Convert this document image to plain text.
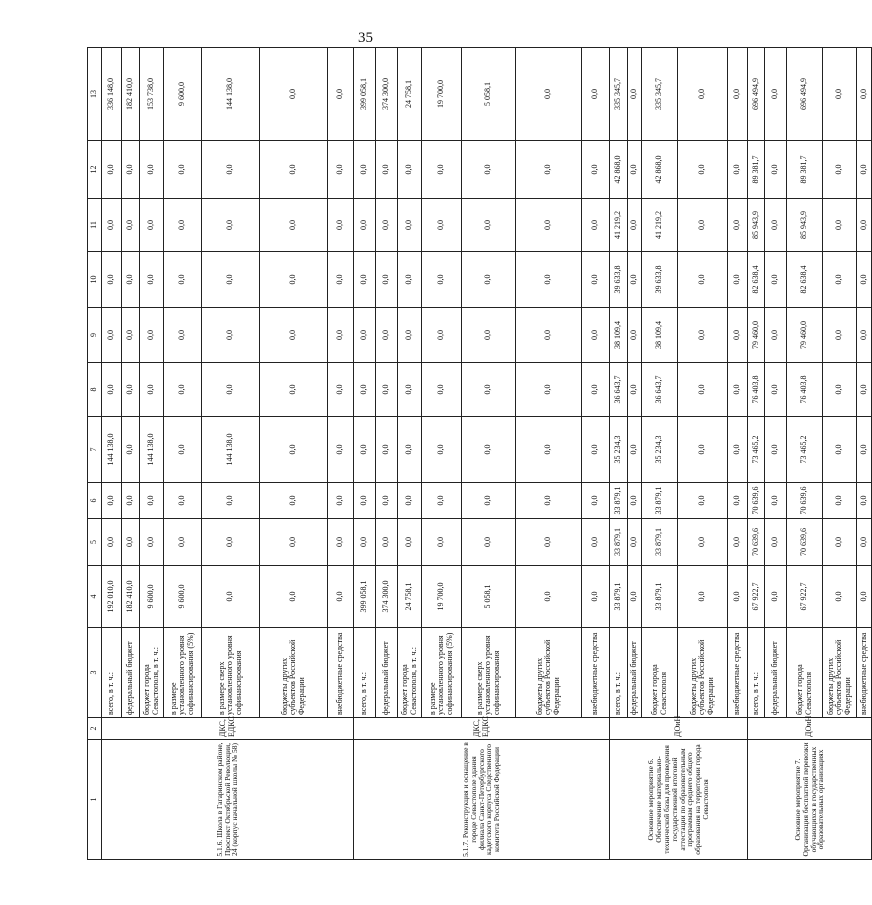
35
1	2	3	4	5	6	7	8	9	10	11	12	13
5.1.6. Школа в Гагаринском районе, Проспект Октябрьской Революции, 24 (корпус начальной школы № 58)	ДКС, ЕДКС	всего, в т. ч.:	192 010,0	0,0	0,0	144 138,0	0,0	0,0	0,0	0,0	0,0	336 148,0
		федеральный бюджет	182 410,0	0,0	0,0	0,0	0,0	0,0	0,0	0,0	0,0	182 410,0
		бюджет города Севастополя, в т. ч.:	9 600,0	0,0	0,0	144 138,0	0,0	0,0	0,0	0,0	0,0	153 738,0
		в размере установленного уровня софинансирования (5%)	9 600,0	0,0	0,0	0,0	0,0	0,0	0,0	0,0	0,0	9 600,0
		в размере сверх установленного уровня софинансирования	0,0	0,0	0,0	144 138,0	0,0	0,0	0,0	0,0	0,0	144 138,0
		бюджеты других субъектов Российской Федерации	0,0	0,0	0,0	0,0	0,0	0,0	0,0	0,0	0,0	0,0
		внебюджетные средства	0,0	0,0	0,0	0,0	0,0	0,0	0,0	0,0	0,0	0,0
5.1.7. Реконструкция и оснащение в городе Севастополе здания филиала Санкт-Петербургского кадетского корпуса Следственного комитета Российской Федерации	ДКС, ЕДКС	всего, в т. ч.:	399 058,1	0,0	0,0	0,0	0,0	0,0	0,0	0,0	0,0	399 058,1
		федеральный бюджет	374 300,0	0,0	0,0	0,0	0,0	0,0	0,0	0,0	0,0	374 300,0
		бюджет города Севастополя, в т. ч.:	24 758,1	0,0	0,0	0,0	0,0	0,0	0,0	0,0	0,0	24 758,1
		в размере установленного уровня софинансирования (5%)	19 700,0	0,0	0,0	0,0	0,0	0,0	0,0	0,0	0,0	19 700,0
		в размере сверх установленного уровня софинансирования	5 058,1	0,0	0,0	0,0	0,0	0,0	0,0	0,0	0,0	5 058,1
		бюджеты других субъектов Российской Федерации	0,0	0,0	0,0	0,0	0,0	0,0	0,0	0,0	0,0	0,0
		внебюджетные средства	0,0	0,0	0,0	0,0	0,0	0,0	0,0	0,0	0,0	0,0
Основное мероприятие 6. Обеспечение материально-технической базы для проведения государственной итоговой аттестации по образовательным программам среднего общего образования на территории города Севастополя	ДОиН	всего, в т. ч.:	33 879,1	33 879,1	33 879,1	35 234,3	36 643,7	38 109,4	39 633,8	41 219,2	42 868,0	335 345,7
		федеральный бюджет	0,0	0,0	0,0	0,0	0,0	0,0	0,0	0,0	0,0	0,0
		бюджет города Севастополя	33 879,1	33 879,1	33 879,1	35 234,3	36 643,7	38 109,4	39 633,8	41 219,2	42 868,0	335 345,7
		бюджеты других субъектов Российской Федерации	0,0	0,0	0,0	0,0	0,0	0,0	0,0	0,0	0,0	0,0
		внебюджетные средства	0,0	0,0	0,0	0,0	0,0	0,0	0,0	0,0	0,0	0,0
Основное мероприятие 7. Организация бесплатной перевозки обучающихся в государственных образовательных организациях	ДОиН	всего, в т. ч.:	67 922,7	70 639,6	70 639,6	73 465,2	76 403,8	79 460,0	82 638,4	85 943,9	89 381,7	696 494,9
		федеральный бюджет	0,0	0,0	0,0	0,0	0,0	0,0	0,0	0,0	0,0	0,0
		бюджет города Севастополя	67 922,7	70 639,6	70 639,6	73 465,2	76 403,8	79 460,0	82 638,4	85 943,9	89 381,7	696 494,9
		бюджеты других субъектов Российской Федерации	0,0	0,0	0,0	0,0	0,0	0,0	0,0	0,0	0,0	0,0
		внебюджетные средства	0,0	0,0	0,0	0,0	0,0	0,0	0,0	0,0	0,0	0,0
